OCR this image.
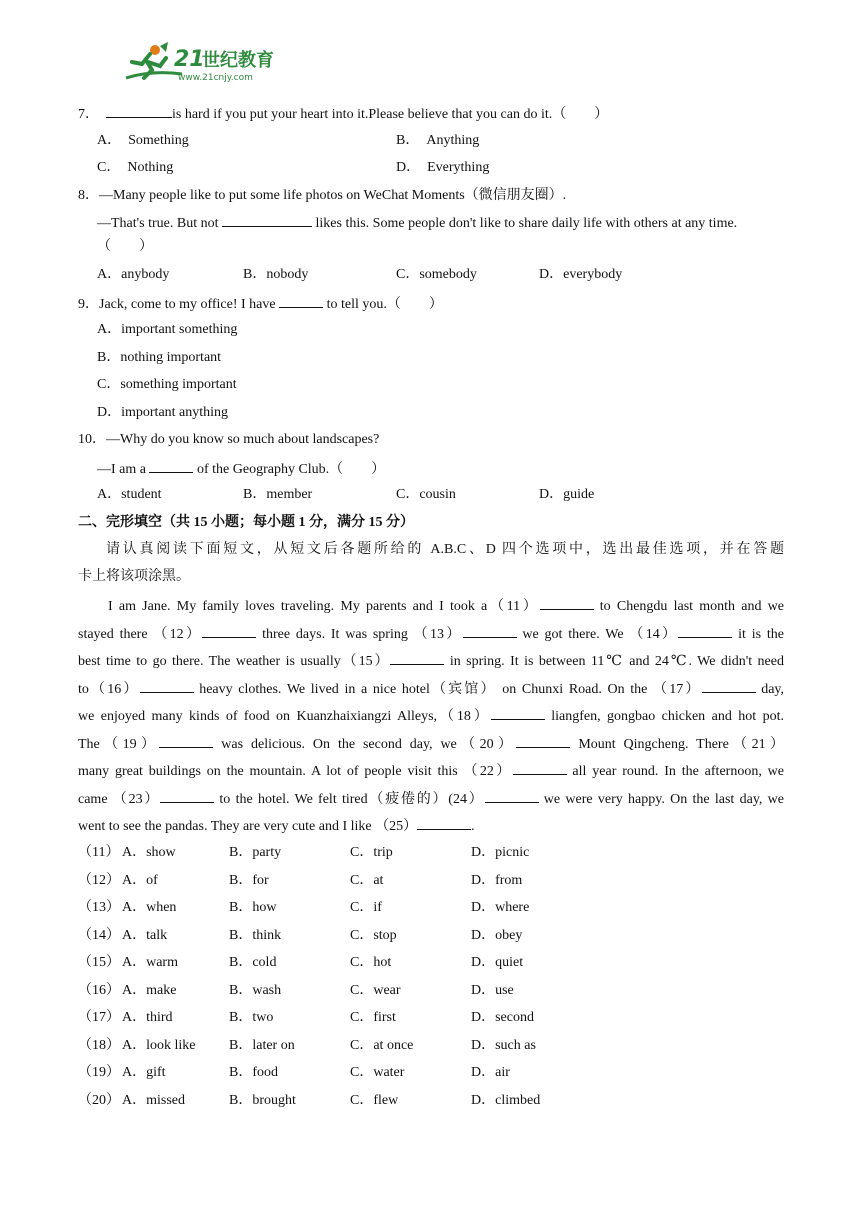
21
世纪教育
www.21cnjy.com
7．	is hard if you put your heart into it.Please believe that you can do it.（　　）
A．　Something	B．　Anything
C．　Nothing	D．　Everything
8．—Many people like to put some life photos on WeChat Moments（微信朋友圈）.
—That's true. But not	likes this. Some people don't like to share daily life with others at any time.
（　　）
A．anybody	B．nobody	C．somebody	D．everybody
9．Jack, come to my office! I have	to tell you.（　　）
A．important something
B．nothing important
C．something important
D．important anything
10．—Why do you know so much about landscapes?
—I am a	of the Geography Club.（　　）
A．student	B．member	C．cousin	D．guide
二、完形填空（共 15 小题；每小题 1 分，满分 15 分）
请认真阅读下面短文，从短文后各题所给的 A.B.C、D 四个选项中，选出最佳选项，并在答题
卡上将该项涂黑。
I am Jane. My family loves traveling. My parents and I took a（11）	to Chengdu last month and we
stayed there （12）	three days. It was spring （13）	we got there. We （14）	it is the
best time to go there. The weather is usually（15）	in spring. It is between 11℃ and 24℃. We didn't need
to（16）	heavy clothes. We lived in a nice hotel（宾馆） on Chunxi Road. On the （17）	day,
we enjoyed many kinds of food on Kuanzhaixiangzi Alleys,（18）	liangfen, gongbao chicken and hot pot.
The（19）	was delicious. On the second day, we（20）	Mount Qingcheng. There（21）
many great buildings on the mountain. A lot of people visit this （22）	all year round. In the afternoon, we
came （23）	to the hotel. We felt tired（疲倦的）(24）	we were very happy. On the last day, we
went to see the pandas. They are very cute and I like （25）	.
（11） A．show	B．party	C．trip	D．picnic
（12） A．of	B．for	C．at	D．from
（13） A．when	B．how	C．if	D．where
（14） A．talk	B．think	C．stop	D．obey
（15） A．warm	B．cold	C．hot	D．quiet
（16） A．make	B．wash	C．wear	D．use
（17） A．third	B．two	C．first	D．second
（18） A．look like B．later on	C．at once	D．such as
（19） A．gift	B．food	C．water	D．air
（20） A．missed	B．brought	C．flew	D．climbed
